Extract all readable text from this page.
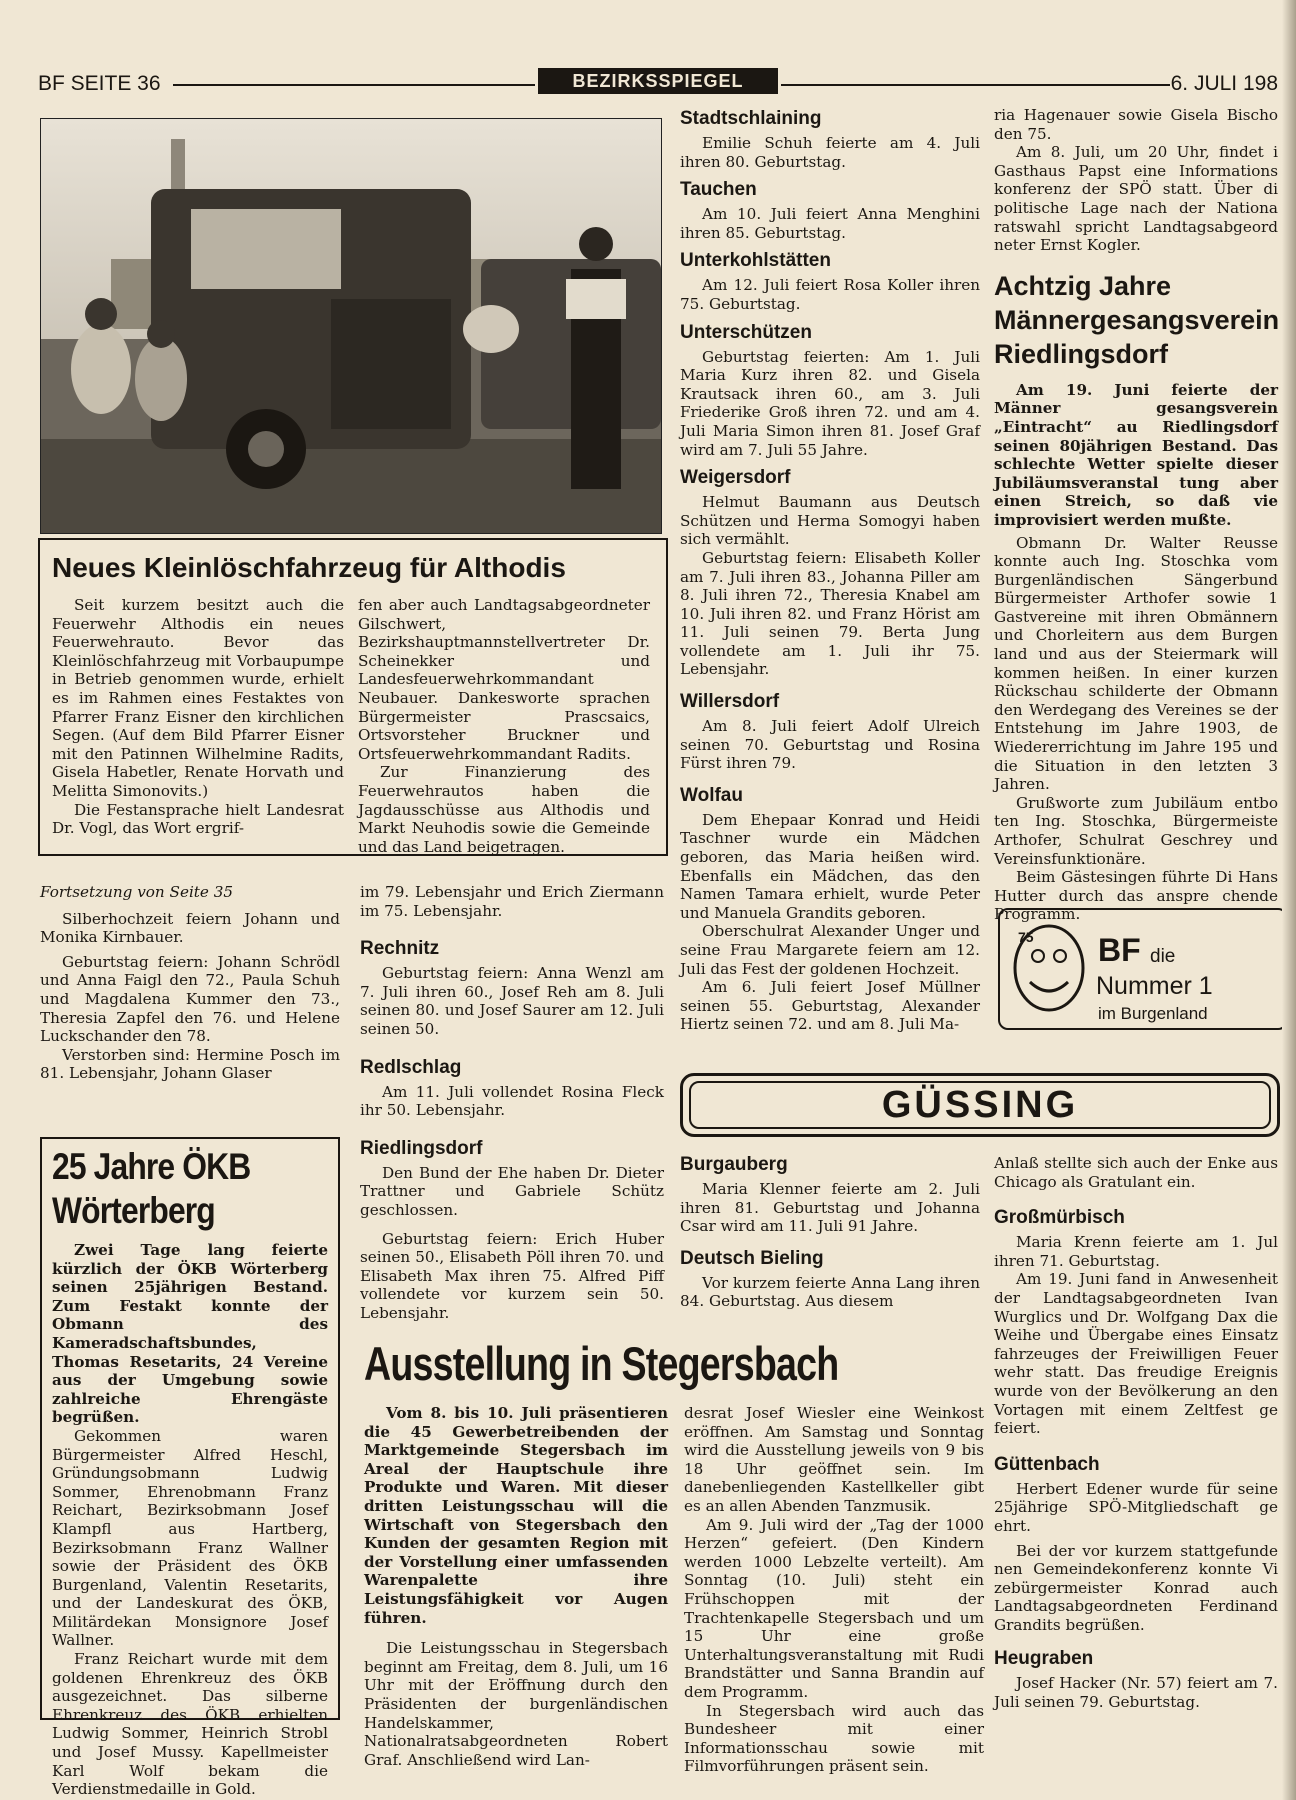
BF SEITE 36	BEZIRKSSPIEGEL	6. JULI 198
Neues Kleinlöschfahrzeug für Althodis

Seit kurzem besitzt auch die Feuerwehr Althodis ein neues Feuerwehrauto. Bevor das Kleinlöschfahrzeug mit Vorbaupumpe in Betrieb genommen wurde, erhielt es im Rahmen eines Festaktes von Pfarrer Franz Eisner den kirchlichen Segen. (Auf dem Bild Pfarrer Eisner mit den Patinnen Wilhelmine Radits, Gisela Habetler, Renate Horvath und Melitta Simonovits.)

Die Festansprache hielt Landesrat Dr. Vogl, das Wort ergrif-

fen aber auch Landtagsabgeordneter Gilschwert, Bezirkshauptmannstellvertreter Dr. Scheinekker und Landesfeuerwehrkommandant Neubauer. Dankesworte sprachen Bürgermeister Prascsaics, Ortsvorsteher Bruckner und Ortsfeuerwehrkommandant Radits.

Zur Finanzierung des Feuerwehrautos haben die Jagdausschüsse aus Althodis und Markt Neuhodis sowie die Gemeinde und das Land beigetragen.

Fortsetzung von Seite 35

Silberhochzeit feiern Johann und Monika Kirnbauer.

Geburtstag feiern: Johann Schrödl und Anna Faigl den 72., Paula Schuh und Magdalena Kummer den 73., Theresia Zapfel den 76. und Helene Luckschander den 78.

Verstorben sind: Hermine Posch im 81. Lebensjahr, Johann Glaser

im 79. Lebensjahr und Erich Ziermann im 75. Lebensjahr.

Rechnitz

Geburtstag feiern: Anna Wenzl am 7. Juli ihren 60., Josef Reh am 8. Juli seinen 80. und Josef Saurer am 12. Juli seinen 50.

Redlschlag

Am 11. Juli vollendet Rosina Fleck ihr 50. Lebensjahr.

Riedlingsdorf

Den Bund der Ehe haben Dr. Dieter Trattner und Gabriele Schütz geschlossen.

Geburtstag feiern: Erich Huber seinen 50., Elisabeth Pöll ihren 70. und Elisabeth Max ihren 75. Alfred Piff vollendete vor kurzem sein 50. Lebensjahr.

25 Jahre ÖKB
Wörterberg

Zwei Tage lang feierte kürzlich der ÖKB Wörterberg seinen 25jährigen Bestand. Zum Festakt konnte der Obmann des Kameradschaftsbundes, Thomas Resetarits, 24 Vereine aus der Umgebung sowie zahlreiche Ehrengäste begrüßen.

Gekommen waren Bürgermeister Alfred Heschl, Gründungsobmann Ludwig Sommer, Ehrenobmann Franz Reichart, Bezirksobmann Josef Klampfl aus Hartberg, Bezirksobmann Franz Wallner sowie der Präsident des ÖKB Burgenland, Valentin Resetarits, und der Landeskurat des ÖKB, Militärdekan Monsignore Josef Wallner.

Franz Reichart wurde mit dem goldenen Ehrenkreuz des ÖKB ausgezeichnet. Das silberne Ehrenkreuz des ÖKB erhielten Ludwig Sommer, Heinrich Strobl und Josef Mussy. Kapellmeister Karl Wolf bekam die Verdienstmedaille in Gold.

Stadtschlaining

Emilie Schuh feierte am 4. Juli ihren 80. Geburtstag.

Tauchen

Am 10. Juli feiert Anna Menghini ihren 85. Geburtstag.

Unterkohlstätten

Am 12. Juli feiert Rosa Koller ihren 75. Geburtstag.

Unterschützen

Geburtstag feierten: Am 1. Juli Maria Kurz ihren 82. und Gisela Krautsack ihren 60., am 3. Juli Friederike Groß ihren 72. und am 4. Juli Maria Simon ihren 81. Josef Graf wird am 7. Juli 55 Jahre.

Weigersdorf

Helmut Baumann aus Deutsch Schützen und Herma Somogyi haben sich vermählt.

Geburtstag feiern: Elisabeth Koller am 7. Juli ihren 83., Johanna Piller am 8. Juli ihren 72., Theresia Knabel am 10. Juli ihren 82. und Franz Hörist am 11. Juli seinen 79. Berta Jung vollendete am 1. Juli ihr 75. Lebensjahr.

Willersdorf

Am 8. Juli feiert Adolf Ulreich seinen 70. Geburtstag und Rosina Fürst ihren 79.

Wolfau

Dem Ehepaar Konrad und Heidi Taschner wurde ein Mädchen geboren, das Maria heißen wird. Ebenfalls ein Mädchen, das den Namen Tamara erhielt, wurde Peter und Manuela Grandits geboren.

Oberschulrat Alexander Unger und seine Frau Margarete feiern am 12. Juli das Fest der goldenen Hochzeit.

Am 6. Juli feiert Josef Müllner seinen 55. Geburtstag, Alexander Hiertz seinen 72. und am 8. Juli Ma-

ria Hagenauer sowie Gisela Bischo den 75.

Am 8. Juli, um 20 Uhr, findet i Gasthaus Papst eine Informations konferenz der SPÖ statt. Über di politische Lage nach der Nationa ratswahl spricht Landtagsabgeord neter Ernst Kogler.

Achtzig Jahre Männergesangsverein Riedlingsdorf

Am 19. Juni feierte der Männer gesangsverein „Eintracht“ au Riedlingsdorf seinen 80jährigen Bestand. Das schlechte Wetter spielte dieser Jubiläumsveranstal tung aber einen Streich, so daß vie improvisiert werden mußte.

Obmann Dr. Walter Reusse konnte auch Ing. Stoschka vom Burgenländischen Sängerbund Bürgermeister Arthofer sowie 1 Gastvereine mit ihren Obmännern und Chorleitern aus dem Burgen land und aus der Steiermark will kommen heißen. In einer kurzen Rückschau schilderte der Obmann den Werdegang des Vereines se der Entstehung im Jahre 1903, de Wiedererrichtung im Jahre 195 und die Situation in den letzten 3 Jahren.

Grußworte zum Jubiläum entbo ten Ing. Stoschka, Bürgermeiste Arthofer, Schulrat Geschrey und Vereinsfunktionäre.

Beim Gästesingen führte Di Hans Hutter durch das anspre chende Programm.

75 BF die
Nummer 1
im Burgenland
GÜSSING
Burgauberg

Maria Klenner feierte am 2. Juli ihren 81. Geburtstag und Johanna Csar wird am 11. Juli 91 Jahre.

Deutsch Bieling

Vor kurzem feierte Anna Lang ihren 84. Geburtstag. Aus diesem

Anlaß stellte sich auch der Enke aus Chicago als Gratulant ein.

Großmürbisch

Maria Krenn feierte am 1. Jul ihren 71. Geburtstag.

Am 19. Juni fand in Anwesenheit der Landtagsabgeordneten Ivan Wurglics und Dr. Wolfgang Dax die Weihe und Übergabe eines Einsatz fahrzeuges der Freiwilligen Feuer wehr statt. Das freudige Ereignis wurde von der Bevölkerung an den Vortagen mit einem Zeltfest ge feiert.

Güttenbach

Herbert Edener wurde für seine 25jährige SPÖ-Mitgliedschaft ge ehrt.

Bei der vor kurzem stattgefunde nen Gemeindekonferenz konnte Vi zebürgermeister Konrad auch Landtagsabgeordneten Ferdinand Grandits begrüßen.

Heugraben

Josef Hacker (Nr. 57) feiert am 7. Juli seinen 79. Geburtstag.

Ausstellung in Stegersbach

Vom 8. bis 10. Juli präsentieren die 45 Gewerbetreibenden der Marktgemeinde Stegersbach im Areal der Hauptschule ihre Produkte und Waren. Mit dieser dritten Leistungsschau will die Wirtschaft von Stegersbach den Kunden der gesamten Region mit der Vorstellung einer umfassenden Warenpalette ihre Leistungsfähigkeit vor Augen führen.

Die Leistungsschau in Stegersbach beginnt am Freitag, dem 8. Juli, um 16 Uhr mit der Eröffnung durch den Präsidenten der burgenländischen Handelskammer, Nationalratsabgeordneten Robert Graf. Anschließend wird Lan-

desrat Josef Wiesler eine Weinkost eröffnen. Am Samstag und Sonntag wird die Ausstellung jeweils von 9 bis 18 Uhr geöffnet sein. Im danebenliegenden Kastellkeller gibt es an allen Abenden Tanzmusik.

Am 9. Juli wird der „Tag der 1000 Herzen“ gefeiert. (Den Kindern werden 1000 Lebzelte verteilt). Am Sonntag (10. Juli) steht ein Frühschoppen mit der Trachtenkapelle Stegersbach und um 15 Uhr eine große Unterhaltungsveranstaltung mit Rudi Brandstätter und Sanna Brandin auf dem Programm.

In Stegersbach wird auch das Bundesheer mit einer Informationsschau sowie mit Filmvorführungen präsent sein.
